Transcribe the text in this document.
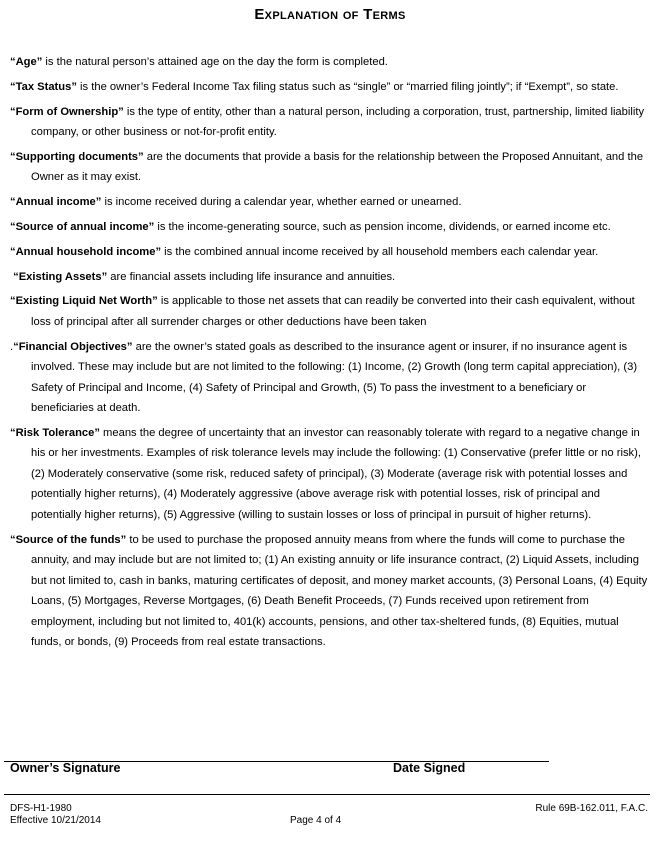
Explanation of Terms

“Age” is the natural person’s attained age on the day the form is completed.

“Tax Status” is the owner’s Federal Income Tax filing status such as “single” or “married filing jointly”; if “Exempt”, so state.

“Form of Ownership” is the type of entity, other than a natural person, including a corporation, trust, partnership, limited liability company, or other business or not-for-profit entity.

“Supporting documents” are the documents that provide a basis for the relationship between the Proposed Annuitant, and the Owner as it may exist.

“Annual income” is income received during a calendar year, whether earned or unearned.

“Source of annual income” is the income-generating source, such as pension income, dividends, or earned income etc.

“Annual household income” is the combined annual income received by all household members each calendar year.

“Existing Assets” are financial assets including life insurance and annuities.

“Existing Liquid Net Worth” is applicable to those net assets that can readily be converted into their cash equivalent, without loss of principal after all surrender charges or other deductions have been taken

.“Financial Objectives” are the owner’s stated goals as described to the insurance agent or insurer, if no insurance agent is involved. These may include but are not limited to the following: (1) Income, (2) Growth (long term capital appreciation), (3) Safety of Principal and Income, (4) Safety of Principal and Growth, (5) To pass the investment to a beneficiary or beneficiaries at death.

“Risk Tolerance” means the degree of uncertainty that an investor can reasonably tolerate with regard to a negative change in his or her investments. Examples of risk tolerance levels may include the following: (1) Conservative (prefer little or no risk), (2) Moderately conservative (some risk, reduced safety of principal), (3) Moderate (average risk with potential losses and potentially higher returns), (4) Moderately aggressive (above average risk with potential losses, risk of principal and potentially higher returns), (5) Aggressive (willing to sustain losses or loss of principal in pursuit of higher returns).

“Source of the funds” to be used to purchase the proposed annuity means from where the funds will come to purchase the annuity, and may include but are not limited to; (1) An existing annuity or life insurance contract, (2) Liquid Assets, including but not limited to, cash in banks, maturing certificates of deposit, and money market accounts, (3) Personal Loans, (4) Equity Loans, (5) Mortgages, Reverse Mortgages, (6) Death Benefit Proceeds, (7) Funds received upon retirement from employment, including but not limited to, 401(k) accounts, pensions, and other tax-sheltered funds, (8) Equities, mutual funds, or bonds, (9) Proceeds from real estate transactions.

Owner’s Signature	Date Signed
DFS-H1-1980
Effective 10/21/2014	Page 4 of 4
Rule 69B-162.011, F.A.C.
